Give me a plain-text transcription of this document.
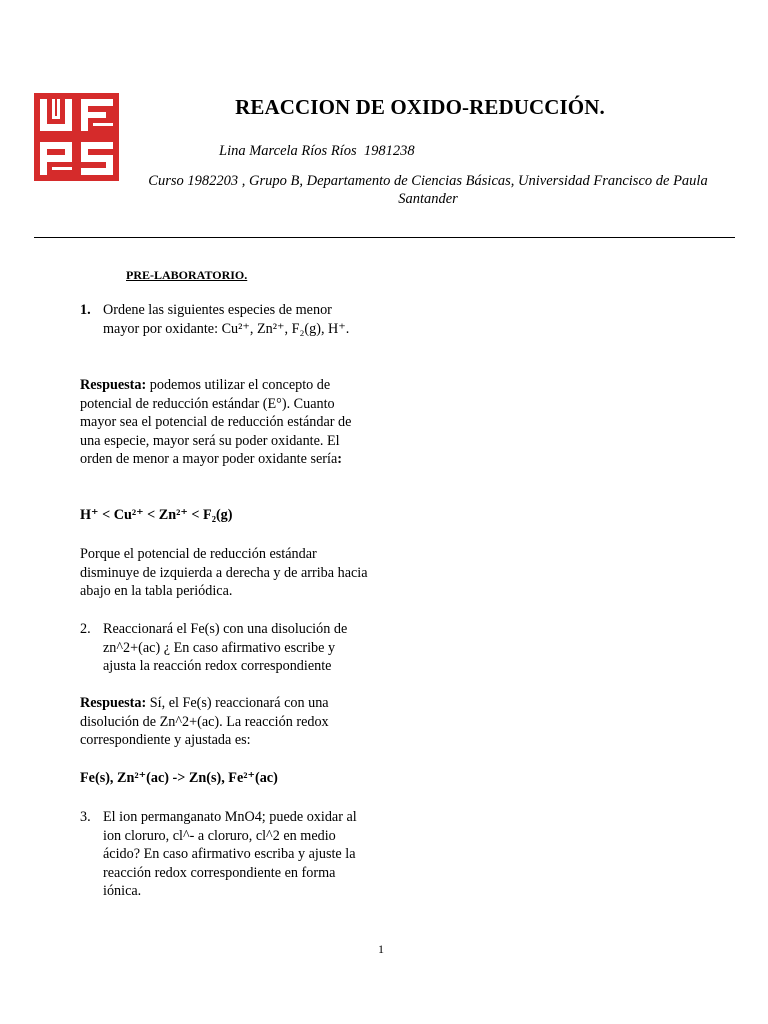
REACCION DE OXIDO-REDUCCIÓN.
Lina Marcela Ríos Ríos  1981238
Curso 1982203 , Grupo B, Departamento de Ciencias Básicas, Universidad Francisco de Paula Santander
PRE-LABORATORIO.
1. Ordene las siguientes especies de menor mayor por oxidante: Cu²⁺, Zn²⁺, F₂(g), H⁺.
Respuesta: podemos utilizar el concepto de potencial de reducción estándar (E°). Cuanto mayor sea el potencial de reducción estándar de una especie, mayor será su poder oxidante. El orden de menor a mayor poder oxidante sería:
H⁺ < Cu²⁺ < Zn²⁺ < F₂(g)
Porque el potencial de reducción estándar disminuye de izquierda a derecha y de arriba hacia abajo en la tabla periódica.
2. Reaccionará el Fe(s) con una disolución de zn^2+(ac) ¿ En caso afirmativo escribe y ajusta la reacción redox correspondiente
Respuesta: Sí, el Fe(s) reaccionará con una disolución de Zn^2+(ac). La reacción redox correspondiente y ajustada es:
Fe(s), Zn²⁺(ac) -> Zn(s), Fe²⁺(ac)
3. El ion permanganato MnO4; puede oxidar al ion cloruro, cl^- a cloruro, cl^2 en medio ácido? En caso afirmativo escriba y ajuste la reacción redox correspondiente en forma iónica.
1
